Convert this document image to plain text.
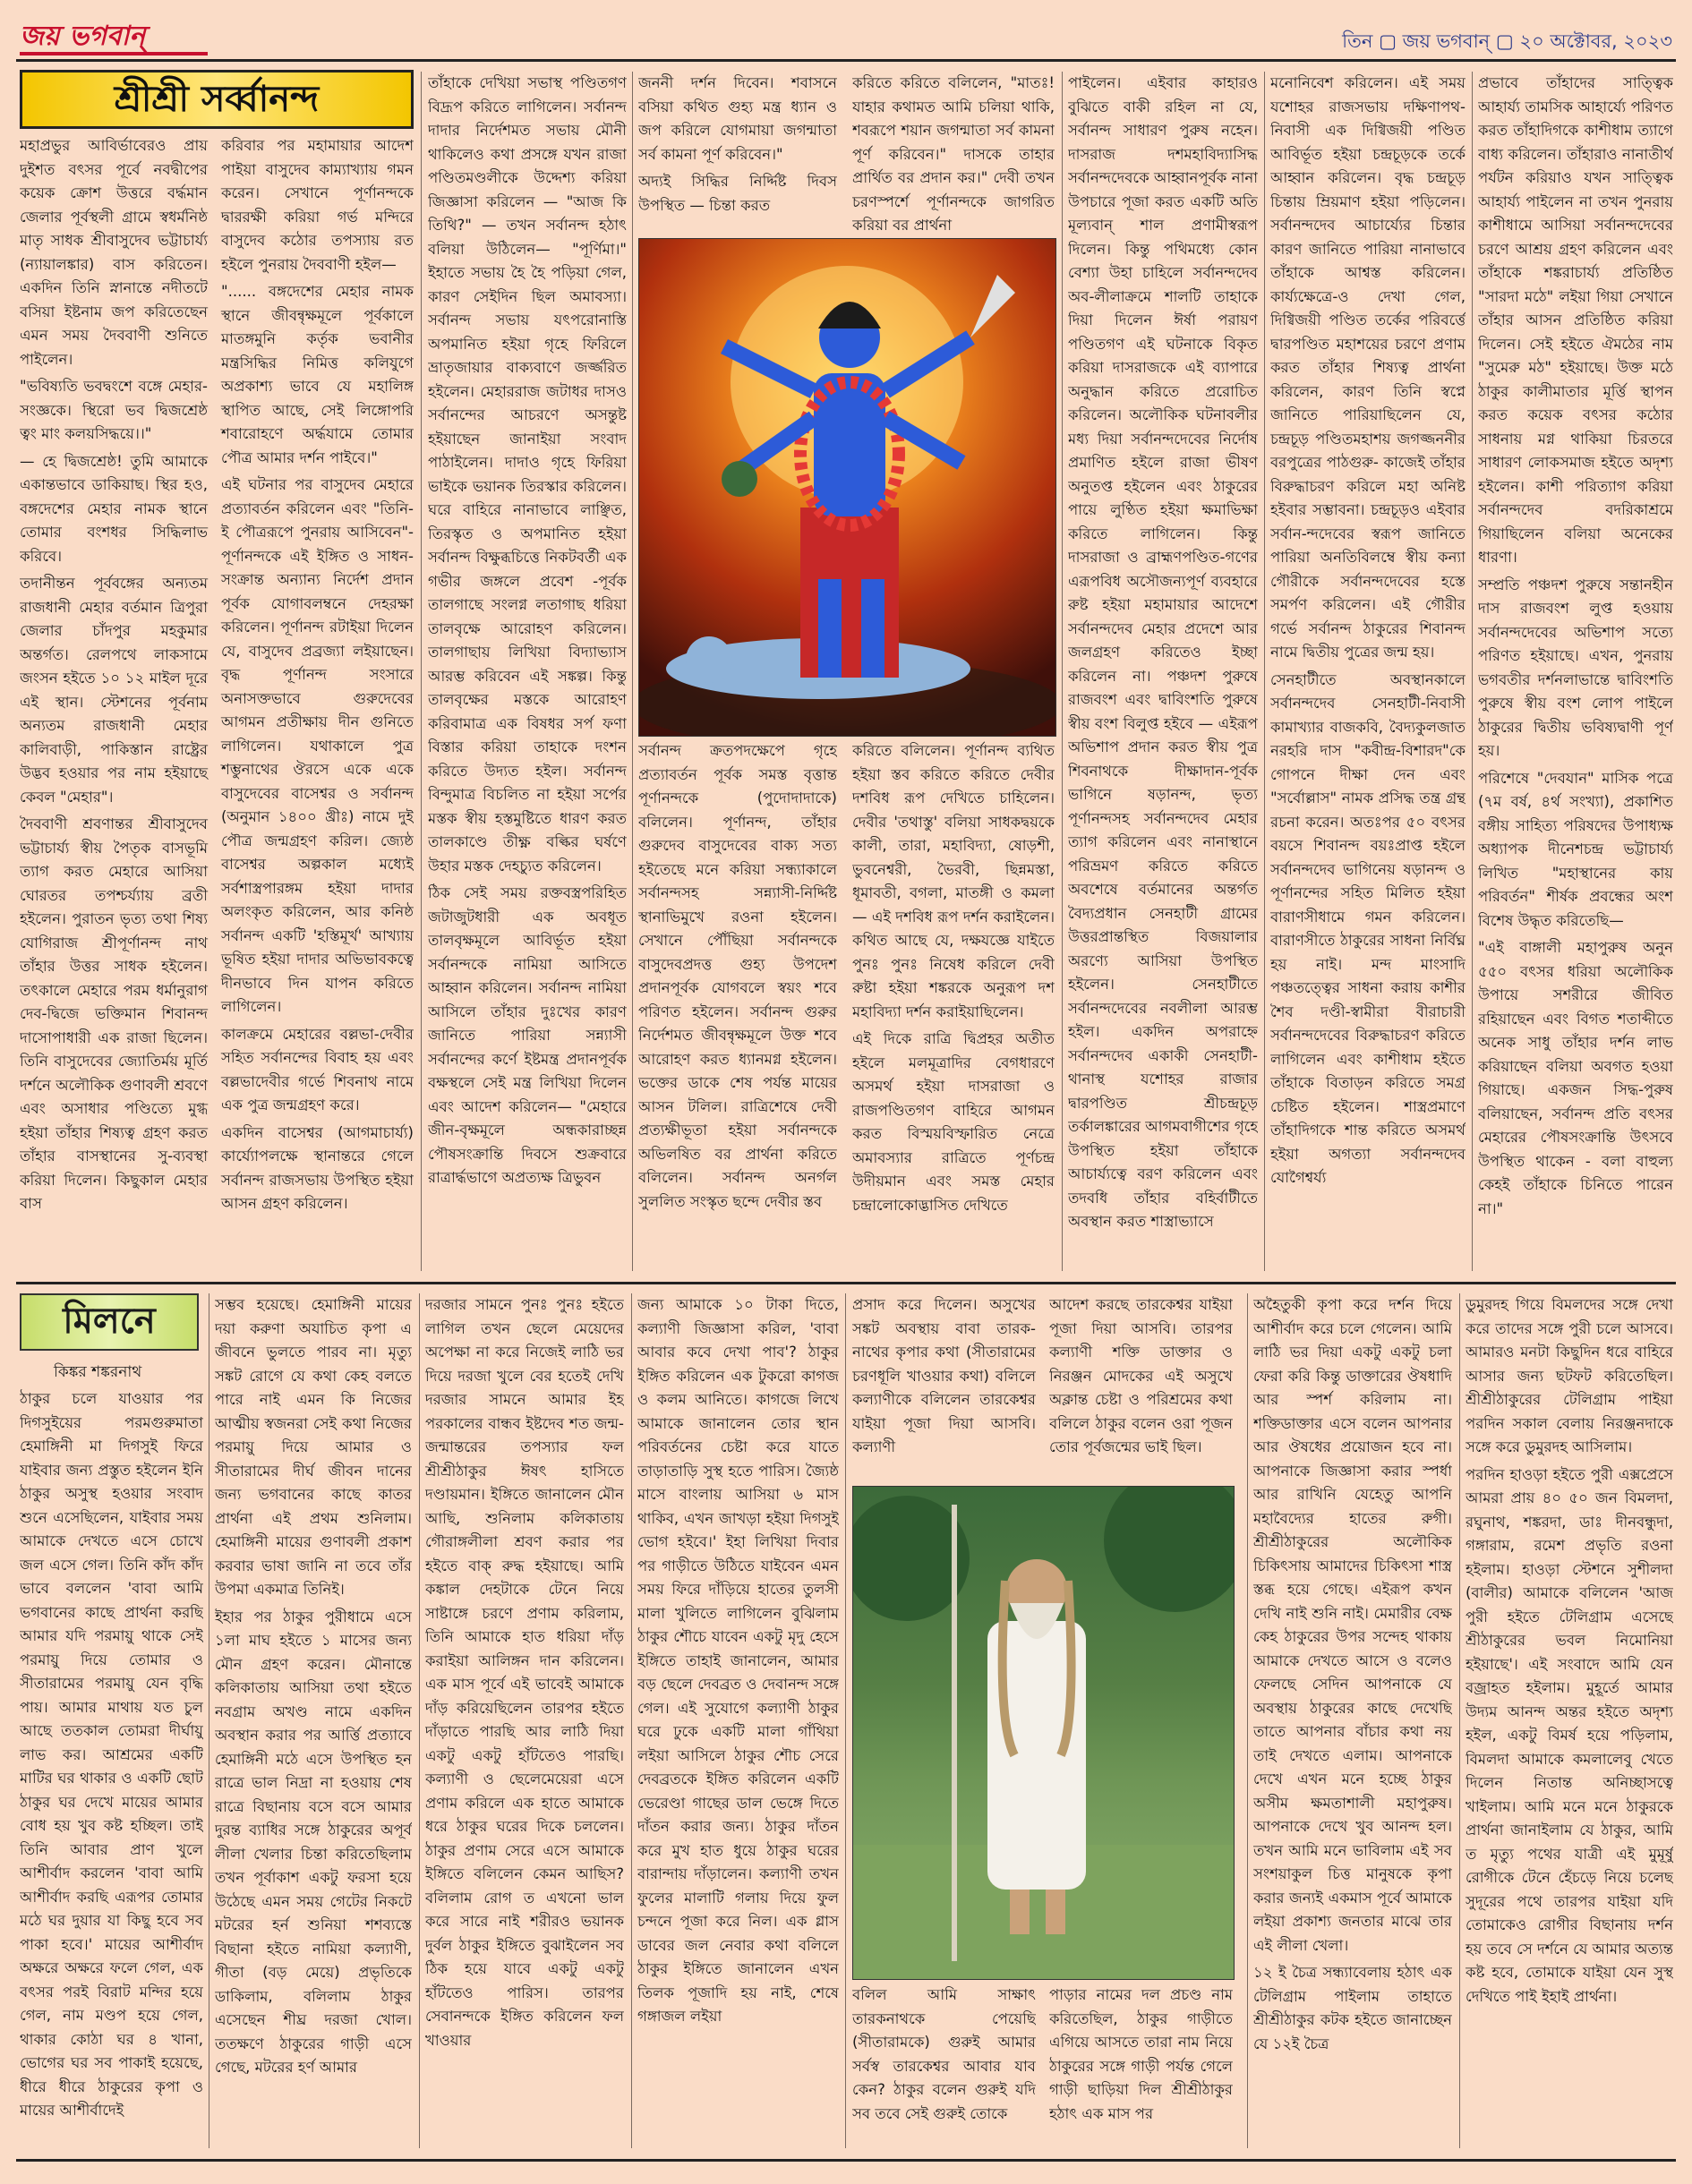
জয় ভগবান্	তিন ▢ জয় ভগবান্ ▢ ২০ অক্টোবর, ২০২৩
শ্রীশ্রী সর্ব্বানন্দ

মহাপ্রভুর আবির্ভাবেরও প্রায় দুইশত বৎসর পূর্বে নবদ্বীপের কয়েক ক্রোশ উত্তরে বর্দ্ধমান জেলার পূর্বস্থলী গ্রামে স্বধর্মনিষ্ঠ মাতৃ সাধক শ্রীবাসুদেব ভট্টাচার্য্য (ন্যায়ালঙ্কার) বাস করিতেন। একদিন তিনি স্নানান্তে নদীতটে বসিয়া ইষ্টনাম জপ করিতেছেন এমন সময় দৈববাণী শুনিতে পাইলেন।

"ভবিষ্যতি ভবদ্বংশে বঙ্গে মেহার-সংজ্ঞকে। স্থিরো ভব দ্বিজশ্রেষ্ঠ ত্বং মাং কলয়সিদ্ধয়ে।।"

— হে দ্বিজশ্রেষ্ঠ! তুমি আমাকে একান্তভাবে ডাকিয়াছ। স্থির হও, বঙ্গদেশের মেহার নামক স্থানে তোমার বংশধর সিদ্ধিলাভ করিবে।

তদানীন্তন পূর্ববঙ্গের অন্যতম রাজধানী মেহার বর্তমান ত্রিপুরা জেলার চাঁদপুর মহকুমার অন্তর্গত। রেলপথে লাকসামে জংসন হইতে ১০ ১২ মাইল দূরে এই স্থান। স্টেশনের পূর্বনাম অন্যতম রাজধানী মেহার কালিবাড়ী, পাকিস্তান রাষ্ট্রের উদ্ভব হওয়ার পর নাম হইয়াছে কেবল "মেহার"।

দৈববাণী শ্রবণান্তর শ্রীবাসুদেব ভট্টাচার্য্য স্বীয় পৈতৃক বাসভূমি ত্যাগ করত মেহারে আসিয়া ঘোরতর তপশ্চর্য্যায় ব্রতী হইলেন। পুরাতন ভৃত্য তথা শিষ্য যোগিরাজ শ্রীপূর্ণানন্দ নাথ তাঁহার উত্তর সাধক হইলেন। তৎকালে মেহারে পরম ধর্মানুরাগ দেব-দ্বিজে ভক্তিমান শিবানন্দ দাসোপাধারী এক রাজা ছিলেন। তিনি বাসুদেবের জ্যোতির্ময় মূর্তি দর্শনে অলৌকিক গুণাবলী শ্রবণে এবং অসাধার পণ্ডিত্যে মুগ্ধ হইয়া তাঁহার শিষ্যত্ব গ্রহণ করত তাঁহার বাসস্থানের সু-ব্যবস্থা করিয়া দিলেন। কিছুকাল মেহার বাস

করিবার পর মহামায়ার আদেশ পাইয়া বাসুদেব কাম্যাখ্যায় গমন করেন। সেখানে পূর্ণানন্দকে দ্বাররক্ষী করিয়া গর্ভ মন্দিরে বাসুদেব কঠোর তপস্যায় রত হইলে পুনরায় দৈববাণী হইল—

"...... বঙ্গদেশের মেহার নামক স্থানে জীবন্বৃক্ষমূলে পূর্বকালে মাতঙ্গমুনি কর্তৃক ভবানীর মন্ত্রসিদ্ধির নিমিত্ত কলিযুগে অপ্রকাশ্য ভাবে যে মহালিঙ্গ স্থাপিত আছে, সেই লিঙ্গোপরি শবারোহণে অর্দ্ধযামে তোমার পৌত্র আমার দর্শন পাইবে।"

এই ঘটনার পর বাসুদেব মেহারে প্রত্যাবর্তন করিলেন এবং "তিনি-ই পৌত্ররূপে পুনরায় আসিবেন"- পূর্ণানন্দকে এই ইঙ্গিত ও সাধন-সংক্রান্ত অন্যান্য নির্দেশ প্রদান পূর্বক যোগাবলম্বনে দেহরক্ষা করিলেন। পূর্ণানন্দ রটাইয়া দিলেন যে, বাসুদেব প্রব্রজ্যা লইয়াছেন। বৃদ্ধ পূর্ণানন্দ সংসারে অনাসক্তভাবে গুরুদেবের আগমন প্রতীক্ষায় দীন গুনিতে লাগিলেন। যথাকালে পুত্র শম্ভুনাথের ঔরসে একে একে বাসুদেবের বাসেশ্বর ও সর্বানন্দ (অনুমান ১৪০০ খ্রীঃ) নামে দুই পৌত্র জন্মগ্রহণ করিল। জ্যেষ্ঠ বাসেশ্বর অল্পকাল মধ্যেই সর্বশাস্ত্রপারঙ্গম হইয়া দাদার অলংকৃত করিলেন, আর কনিষ্ঠ সর্বানন্দ একটি 'হস্তিমূর্খ' আখ্যায় ভূষিত হইয়া দাদার অভিভাবকত্বে দীনভাবে দিন যাপন করিতে লাগিলেন।

কালক্রমে মেহারের বল্লভা-দেবীর সহিত সর্বানন্দের বিবাহ হয় এবং বল্লভাদেবীর গর্ভে শিবনাথ নামে এক পুত্র জন্মগ্রহণ করে।

একদিন বাসেশ্বর (আগমাচার্য্য) কার্য্যোপলক্ষে স্থানান্তরে গেলে সর্বানন্দ রাজসভায় উপস্থিত হইয়া আসন গ্রহণ করিলেন।

তাঁহাকে দেখিয়া সভাস্থ পণ্ডিতগণ বিদ্রূপ করিতে লাগিলেন। সর্বানন্দ দাদার নির্দেশমত সভায় মৌনী থাকিলেও কথা প্রসঙ্গে যখন রাজা পণ্ডিতমণ্ডলীকে উদ্দেশ্য করিয়া জিজ্ঞাসা করিলেন — "আজ কি তিথি?" — তখন সর্বানন্দ হঠাৎ বলিয়া উঠিলেন— "পূর্ণিমা।" ইহাতে সভায় হৈ হৈ পড়িয়া গেল, কারণ সেইদিন ছিল অমাবস্যা। সর্বানন্দ সভায় যৎপরোনাস্তি অপমানিত হইয়া গৃহে ফিরিলে ভ্রাতৃজায়ার বাক্যবাণে জর্জ্জরিত হইলেন। মেহাররাজ জটাধর দাসও সর্বানন্দের আচরণে অসন্তুষ্ট হইয়াছেন জানাইয়া সংবাদ পাঠাইলেন। দাদাও গৃহে ফিরিয়া ভাইকে ভয়ানক তিরস্কার করিলেন। ঘরে বাহিরে নানাভাবে লাঞ্ছিত, তিরস্কৃত ও অপমানিত হইয়া সর্বানন্দ বিক্ষুব্ধচিত্তে নিকটবর্তী এক গভীর জঙ্গলে প্রবেশ -পূর্বক তালগাছে সংলগ্ন লতাগাছ ধরিয়া তালবৃক্ষে আরোহণ করিলেন। তালগাছায় লিখিয়া বিদ্যাভ্যাস আরম্ভ করিবেন এই সঙ্কল্প। কিন্তু তালবৃক্ষের মস্তকে আরোহণ করিবামাত্র এক বিষধর সর্প ফণা বিস্তার করিয়া তাহাকে দংশন করিতে উদ্যত হইল। সর্বানন্দ বিন্দুমাত্র বিচলিত না হইয়া সর্পের মস্তক স্বীয় হস্তমুষ্টিতে ধারণ করত তালকাণ্ডে তীক্ষ্ণ বল্কির ঘর্ষণে উহার মস্তক দেহচ্যুত করিলেন।

ঠিক সেই সময় রক্তবস্ত্রপরিহিত জটাজুটধারী এক অবধূত তালবৃক্ষমূলে আবির্ভূত হইয়া সর্বানন্দকে নামিয়া আসিতে আহ্বান করিলেন। সর্বানন্দ নামিয়া আসিলে তাঁহার দুঃখের কারণ জানিতে পারিয়া সন্ন্যাসী সর্বানন্দের কর্ণে ইষ্টমন্ত্র প্রদানপূর্বক বক্ষস্থলে সেই মন্ত্র লিখিয়া দিলেন এবং আদেশ করিলেন— "মেহারে জীন-বৃক্ষমূলে অন্ধকারাচ্ছন্ন পৌষসংক্রান্তি দিবসে শুক্রবারে রাত্রার্দ্ধভাগে অপ্রত্যক্ষ ত্রিভুবন

জননী দর্শন দিবেন। শবাসনে বসিয়া কথিত গুহ্য মন্ত্র ধ্যান ও জপ করিলে যোগমায়া জগন্মাতা সর্ব কামনা পূর্ণ করিবেন।"

অদ্যই সিদ্ধির নির্দ্দিষ্ট দিবস উপস্থিত — চিন্তা করত

করিতে করিতে বলিলেন, "মাতঃ! যাহার কথামত আমি চলিয়া থাকি, শবরূপে শয়ান জগন্মাতা সর্ব কামনা পূর্ণ করিবেন।" দাসকে তাহার প্রার্থিত বর প্রদান কর।" দেবী তখন চরণস্পর্শে পূর্ণানন্দকে জাগরিত করিয়া বর প্রার্থনা

সর্বানন্দ ক্রতপদক্ষেপে গৃহে প্রত্যাবর্তন পূর্বক সমস্ত বৃত্তান্ত পূর্ণানন্দকে (পুদোদাদাকে) বলিলেন। পূর্ণানন্দ, তাঁহার গুরুদেব বাসুদেবের বাক্য সত্য হইতেছে মনে করিয়া সন্ধ্যাকালে সর্বানন্দসহ সন্ন্যাসী-নির্দ্দিষ্ট স্থানাভিমুখে রওনা হইলেন। সেখানে পৌঁছিয়া সর্বানন্দকে বাসুদেবপ্রদত্ত গুহ্য উপদেশ প্রদানপূর্বক যোগবলে স্বয়ং শবে পরিণত হইলেন। সর্বানন্দ গুরুর নির্দেশমত জীবন্বৃক্ষমূলে উক্ত শবে আরোহণ করত ধ্যানমগ্ন হইলেন। ভক্তের ডাকে শেষ পর্যন্ত মায়ের আসন টলিল। রাত্রিশেষে দেবী প্রত্যক্ষীভূতা হইয়া সর্বানন্দকে অভিলষিত বর প্রার্থনা করিতে বলিলেন। সর্বানন্দ অনর্গল সুললিত সংস্কৃত ছন্দে দেবীর স্তব

করিতে বলিলেন। পূর্ণানন্দ ব্যথিত হইয়া স্তব করিতে করিতে দেবীর দশবিধ রূপ দেখিতে চাহিলেন। দেবীর 'তথাস্তু' বলিয়া সাধকদ্বয়কে কালী, তারা, মহাবিদ্যা, ষোড়শী, ভুবনেশ্বরী, ভৈরবী, ছিন্নমস্তা, ধূমাবতী, বগলা, মাতঙ্গী ও কমলা — এই দশবিধ রূপ দর্শন করাইলেন। কথিত আছে যে, দক্ষযজ্ঞে যাইতে পুনঃ পুনঃ নিষেধ করিলে দেবী রুষ্টা হইয়া শঙ্করকে অনুরূপ দশ মহাবিদ্যা দর্শন করাইয়াছিলেন।

এই দিকে রাত্রি দ্বিপ্রহর অতীত হইলে মলমূত্রাদির বেগধারণে অসমর্থ হইয়া দাসরাজা ও রাজপণ্ডিতগণ বাহিরে আগমন করত বিস্ময়বিস্ফারিত নেত্রে অমাবস্যার রাত্রিতে পূর্ণচন্দ্র উদীয়মান এবং সমস্ত মেহার চন্দ্রালোকোদ্ভাসিত দেখিতে

পাইলেন। এইবার কাহারও বুঝিতে বাকী রহিল না যে, সর্বানন্দ সাধারণ পুরুষ নহেন। দাসরাজ দশমহাবিদ্যাসিদ্ধ সর্বানন্দদেবকে আহ্বানপূর্বক নানা উপচারে পূজা করত একটি অতি মূল্যবান্ শাল প্রণামীস্বরূপ দিলেন। কিন্তু পথিমধ্যে কোন বেশ্যা উহা চাহিলে সর্বানন্দদেব অব-লীলাক্রমে শালটি তাহাকে দিয়া দিলেন ঈর্ষা পরায়ণ পণ্ডিতগণ এই ঘটনাকে বিকৃত করিয়া দাসরাজকে এই ব্যাপারে অনুদ্ধান করিতে প্ররোচিত করিলেন। অলৌকিক ঘটনাবলীর মধ্য দিয়া সর্বানন্দদেবের নির্দোষ প্রমাণিত হইলে রাজা ভীষণ অনুতপ্ত হইলেন এবং ঠাকুরের পায়ে লুণ্ঠিত হইয়া ক্ষমাভিক্ষা করিতে লাগিলেন। কিন্তু দাসরাজা ও ব্রাহ্মণপণ্ডিত-গণের এরূপবিধ অসৌজন্যপূর্ণ ব্যবহারে রুষ্ট হইয়া মহামায়ার আদেশে সর্বানন্দদেব মেহার প্রদেশে আর জলগ্রহণ করিতেও ইচ্ছা করিলেন না। পঞ্চদশ পুরুষে রাজবংশ এবং দ্বাবিংশতি পুরুষে স্বীয় বংশ বিলুপ্ত হইবে — এইরূপ অভিশাপ প্রদান করত স্বীয় পুত্র শিবনাথকে দীক্ষাদান-পূর্বক ভাগিনে ষড়ানন্দ, ভৃত্য পূর্ণানন্দসহ সর্বানন্দদেব মেহার ত্যাগ করিলেন এবং নানাস্থানে পরিভ্রমণ করিতে করিতে অবশেষে বর্তমানের অন্তর্গত বৈদ্যপ্রধান সেনহাটী গ্রামের উত্তরপ্রান্তস্থিত বিজয়ালার অরণ্যে আসিয়া উপস্থিত হইলেন। সেনহাটীতে সর্বানন্দদেবের নবলীলা আরম্ভ হইল। একদিন অপরাহ্নে সর্বানন্দদেব একাকী সেনহাটী-থানাস্থ যশোহর রাজার দ্বারপণ্ডিত শ্রীচন্দ্রচূড় তর্কালঙ্কারের আগমবাগীশের গৃহে উপস্থিত হইয়া তাঁহাকে আচার্য্যত্বে বরণ করিলেন এবং তদবধি তাঁহার বহির্বাটীতে অবস্থান করত শাস্ত্রাভ্যাসে

মনোনিবেশ করিলেন। এই সময় যশোহর রাজসভায় দক্ষিণাপথ-নিবাসী এক দিগ্বিজয়ী পণ্ডিত আবির্ভূত হইয়া চন্দ্রচূড়কে তর্কে আহ্বান করিলেন। বৃদ্ধ চন্দ্রচূড় চিন্তায় ম্রিয়মাণ হইয়া পড়িলেন। সর্বানন্দদেব আচার্য্যের চিন্তার কারণ জানিতে পারিয়া নানাভাবে তাঁহাকে আশ্বস্ত করিলেন। কার্য্যক্ষেত্রে-ও দেখা গেল, দিগ্বিজয়ী পণ্ডিত তর্কের পরিবর্ত্তে দ্বারপণ্ডিত মহাশয়ের চরণে প্রণাম করত তাঁহার শিষ্যত্ব প্রার্থনা করিলেন, কারণ তিনি স্বপ্নে জানিতে পারিয়াছিলেন যে, চন্দ্রচূড় পণ্ডিতমহাশয় জগজ্জননীর বরপুত্রের পাঠগুরু- কাজেই তাঁহার বিরুদ্ধাচরণ করিলে মহা অনিষ্ট হইবার সম্ভাবনা। চন্দ্রচূড়ও এইবার সর্বান-ন্দদেবের স্বরূপ জানিতে পারিয়া অনতিবিলম্বে স্বীয় কন্যা গৌরীকে সর্বানন্দদেবের হস্তে সমর্পণ করিলেন। এই গৌরীর গর্ভে সর্বানন্দ ঠাকুরের শিবানন্দ নামে দ্বিতীয় পুত্রের জন্ম হয়।

সেনহাটীতে অবস্থানকালে সর্বানন্দদেব সেনহাটী-নিবাসী কামাখ্যার বাজকবি, বৈদ্যকুলজাত নরহরি দাস "কবীন্দ্র-বিশারদ"কে গোপনে দীক্ষা দেন এবং "সর্বোল্লাস" নামক প্রসিদ্ধ তন্ত্র গ্রন্থ রচনা করেন। অতঃপর ৫০ বৎসর বয়সে শিবানন্দ বয়ঃপ্রাপ্ত হইলে সর্বানন্দদেব ভাগিনেয় ষড়ানন্দ ও পূর্ণানন্দের সহিত মিলিত হইয়া বারাণসীধামে গমন করিলেন। বারাণসীতে ঠাকুরের সাধনা নির্বিঘ্ন হয় নাই। মন্দ মাংসাদি পঞ্চতত্ত্বের সাধনা করায় কাশীর শৈব দণ্ডী-স্বামীরা বীরাচারী সর্বানন্দদেবের বিরুদ্ধাচরণ করিতে লাগিলেন এবং কাশীধাম হইতে তাঁহাকে বিতাড়ন করিতে সমগ্র চেষ্টিত হইলেন। শাস্ত্রপ্রমাণে তাঁহাদিগকে শান্ত করিতে অসমর্থ হইয়া অগত্যা সর্বানন্দদেব যোগৈশ্বর্য্য

প্রভাবে তাঁহাদের সাত্ত্বিক আহার্য্য তামসিক আহার্য্যে পরিণত করত তাঁহাদিগকে কাশীধাম ত্যাগে বাধ্য করিলেন। তাঁহারাও নানাতীর্থ পর্যটন করিয়াও যখন সাত্ত্বিক আহার্য্য পাইলেন না তখন পুনরায় কাশীধামে আসিয়া সর্বানন্দদেবের চরণে আশ্রয় গ্রহণ করিলেন এবং তাঁহাকে শঙ্করাচার্য্য প্রতিষ্ঠিত "সারদা মঠে" লইয়া গিয়া সেখানে তাঁহার আসন প্রতিষ্ঠিত করিয়া দিলেন। সেই হইতে ঐমঠের নাম "সুমেরু মঠ" হইয়াছে। উক্ত মঠে ঠাকুর কালীমাতার মূর্ত্তি স্থাপন করত কয়েক বৎসর কঠোর সাধনায় মগ্ন থাকিয়া চিরতরে সাধারণ লোকসমাজ হইতে অদৃশ্য হইলেন। কাশী পরিত্যাগ করিয়া সর্বানন্দদেব বদরিকাশ্রমে গিয়াছিলেন বলিয়া অনেকের ধারণা।

সম্প্রতি পঞ্চদশ পুরুষে সন্তানহীন দাস রাজবংশ লুপ্ত হওয়ায় সর্বানন্দদেবের অভিশাপ সত্যে পরিণত হইয়াছে। এখন, পুনরায় ভগবতীর দর্শনলাভান্তে দ্বাবিংশতি পুরুষে স্বীয় বংশ লোপ পাইলে ঠাকুরের দ্বিতীয় ভবিষ্যদ্বাণী পূর্ণ হয়।

পরিশেষে "দেবযান" মাসিক পত্রে (৭ম বর্ষ, ৪র্থ সংখ্যা), প্রকাশিত বঙ্গীয় সাহিত্য পরিষদের উপাধ্যক্ষ অধ্যাপক দীনেশচন্দ্র ভট্টাচার্য্য লিখিত "মহাস্থানের কায় পরিবর্তন" শীর্ষক প্রবন্ধের অংশ বিশেষ উদ্ধৃত করিতেছি—

"এই বাঙ্গালী মহাপুরুষ অনুন ৫৫০ বৎসর ধরিয়া অলৌকিক উপায়ে সশরীরে জীবিত রহিয়াছেন এবং বিগত শতাব্দীতে অনেক সাধু তাঁহার দর্শন লাভ করিয়াছেন বলিয়া অবগত হওয়া গিয়াছে। একজন সিদ্ধ-পুরুষ বলিয়াছেন, সর্বানন্দ প্রতি বৎসর মেহারের পৌষসংক্রান্তি উৎসবে উপস্থিত থাকেন - বলা বাহুল্য কেহই তাঁহাকে চিনিতে পারেন না।"

মিলনে
কিঙ্কর শঙ্করনাথ

ঠাকুর চলে যাওয়ার পর দিগসুইয়ের পরমগুরুমাতা হেমাঙ্গিনী মা দিগসুই ফিরে যাইবার জন্য প্রস্তুত হইলেন ইনি ঠাকুর অসুস্থ হওয়ার সংবাদ শুনে এসেছিলেন, যাইবার সময় আমাকে দেখতে এসে চোখে জল এসে গেল। তিনি কাঁদ কাঁদ ভাবে বললেন 'বাবা আমি ভগবানের কাছে প্রার্থনা করছি আমার যদি পরমায়ু থাকে সেই পরমায়ু দিয়ে তোমার ও সীতারামের পরমায়ু যেন বৃদ্ধি পায়। আমার মাথায় যত চুল আছে ততকাল তোমরা দীর্ঘায়ু লাভ কর। আশ্রমের একটি মাটির ঘর থাকার ও একটি ছোট ঠাকুর ঘর দেখে মায়ের আমার বোধ হয় খুব কষ্ট হচ্ছিল। তাই তিনি আবার প্রাণ খুলে আশীর্বাদ করলেন 'বাবা আমি আশীর্বাদ করছি এরূপর তোমার মঠে ঘর দুয়ার যা কিছু হবে সব পাকা হবে।' মায়ের আশীর্বাদ অক্ষরে অক্ষরে ফলে গেল, এক বৎসর পরই বিরাট মন্দির হয়ে গেল, নাম মণ্ডপ হয়ে গেল, থাকার কোঠা ঘর ৪ খানা, ভোগের ঘর সব পাকাই হয়েছে, ধীরে ধীরে ঠাকুরের কৃপা ও মায়ের আশীর্বাদেই

সম্ভব হয়েছে। হেমাঙ্গিনী মায়ের দয়া করুণা অযাচিত কৃপা এ জীবনে ভুলতে পারব না। মৃত্যু সঙ্কট রোগে যে কথা কেহ বলতে পারে নাই এমন কি নিজের আত্মীয় স্বজনরা সেই কথা নিজের পরমায়ু দিয়ে আমার ও সীতারামের দীর্ঘ জীবন দানের জন্য ভগবানের কাছে কাতর প্রার্থনা এই প্রথম শুনিলাম। হেমাঙ্গিনী মায়ের গুণাবলী প্রকাশ করবার ভাষা জানি না তবে তাঁর উপমা একমাত্র তিনিই।

ইহার পর ঠাকুর পুরীধামে এসে ১লা মাঘ হইতে ১ মাসের জন্য মৌন গ্রহণ করেন। মৌনান্তে কলিকাতায় আসিয়া তথা হইতে নবগ্রাম অখণ্ড নামে একদিন অবস্থান করার পর আর্ত্তি প্রত্যাবে হেমাঙ্গিনী মঠে এসে উপস্থিত হন রাত্রে ভাল নিদ্রা না হওয়ায় শেষ রাত্রে বিছানায় বসে বসে আমার দুরন্ত ব্যাধির সঙ্গে ঠাকুরের অপূর্ব লীলা খেলার চিন্তা করিতেছিলাম তখন পূর্বাকাশ একটু ফরসা হয়ে উঠেছে এমন সময় গেটের নিকটে মটরের হর্ন শুনিয়া শশব্যস্তে বিছানা হইতে নামিয়া কল্যাণী, গীতা (বড় মেয়ে) প্রভৃতিকে ডাকিলাম, বলিলাম ঠাকুর এসেছেন শীঘ্র দরজা খোল। ততক্ষণে ঠাকুরের গাড়ী এসে গেছে, মটরের হর্ণ আমার

দরজার সামনে পুনঃ পুনঃ হইতে লাগিল তখন ছেলে মেয়েদের অপেক্ষা না করে নিজেই লাঠি ভর দিয়ে দরজা খুলে বের হতেই দেখি দরজার সামনে আমার ইহ পরকালের বান্ধব ইষ্টদেব শত জন্ম-জন্মান্তরের তপস্যার ফল শ্রীশ্রীঠাকুর ঈষৎ হাসিতে দণ্ডায়মান। ইঙ্গিতে জানালেন মৌন আছি, শুনিলাম কলিকাতায় গৌরাঙ্গলীলা শ্রবণ করার পর হইতে বাক্ রুদ্ধ হইয়াছে। আমি কঙ্কাল দেহটাকে টেনে নিয়ে সাষ্টাঙ্গে চরণে প্রণাম করিলাম, তিনি আমাকে হাত ধরিয়া দাঁড় করাইয়া আলিঙ্গন দান করিলেন। এক মাস পূর্বে এই ভাবেই আমাকে দাঁড় করিয়েছিলেন তারপর হইতে দাঁড়াতে পারছি আর লাঠি দিয়া একটু একটু হাঁটতেও পারছি। কল্যাণী ও ছেলেমেয়েরা এসে প্রণাম করিলে এক হাতে আমাকে ধরে ঠাকুর ঘরের দিকে চললেন। ঠাকুর প্রণাম সেরে এসে আমাকে ইঙ্গিতে বলিলেন কেমন আছিস? বলিলাম রোগ ত এখনো ভাল করে সারে নাই শরীরও ভয়ানক দুর্বল ঠাকুর ইঙ্গিতে বুঝাইলেন সব ঠিক হয়ে যাবে একটু একটু হাঁটতেও পারিস। তারপর সেবানন্দকে ইঙ্গিত করিলেন ফল খাওয়ার

জন্য আমাকে ১০ টাকা দিতে, কল্যাণী জিজ্ঞাসা করিল, 'বাবা আবার কবে দেখা পাব'? ঠাকুর ইঙ্গিত করিলেন এক টুকরো কাগজ ও কলম আনিতে। কাগজে লিখে আমাকে জানালেন তোর স্থান পরিবর্তনের চেষ্টা করে যাতে তাড়াতাড়ি সুস্থ হতে পারিস। জ্যৈষ্ঠ মাসে বাংলায় আসিয়া ৬ মাস থাকিব, এখন জাখড়া হইয়া দিগসুই ভোগ হইবে।' ইহা লিখিয়া দিবার পর গাড়ীতে উঠিতে যাইবেন এমন সময় ফিরে দাঁড়িয়ে হাতের তুলসী মালা খুলিতে লাগিলেন বুঝিলাম ঠাকুর শৌচে যাবেন একটু মৃদু হেসে ইঙ্গিতে তাহাই জানালেন, আমার বড় ছেলে দেবব্রত ও দেবানন্দ সঙ্গে গেল। এই সুযোগে কল্যাণী ঠাকুর ঘরে ঢুকে একটি মালা গাঁথিয়া লইয়া আসিলে ঠাকুর শৌচ সেরে দেবব্রতকে ইঙ্গিত করিলেন একটি ভেরেণ্ডা গাছের ডাল ভেঙ্গে দিতে দাঁতন করার জন্য। ঠাকুর দাঁতন করে মুখ হাত ধুয়ে ঠাকুর ঘরের বারান্দায় দাঁড়ালেন। কল্যাণী তখন ফুলের মালাটি গলায় দিয়ে ফুল চন্দনে পূজা করে নিল। এক গ্লাস ডাবের জল নেবার কথা বলিলে ঠাকুর ইঙ্গিতে জানালেন এখন তিলক পূজাদি হয় নাই, শেষে গঙ্গাজল লইয়া

প্রসাদ করে দিলেন। অসুখের সঙ্কট অবস্থায় বাবা তারক-নাথের কৃপার কথা (সীতারামের চরণধূলি খাওয়ার কথা) বলিলে কল্যাণীকে বলিলেন তারকেশ্বর যাইয়া পূজা দিয়া আসবি। কল্যাণী

আদেশ করছে তারকেশ্বর যাইয়া পূজা দিয়া আসবি। তারপর কল্যাণী শক্তি ডাক্তার ও নিরঞ্জন মোদকের এই অসুখে অক্লান্ত চেষ্টা ও পরিশ্রমের কথা বলিলে ঠাকুর বলেন ওরা পূজন তোর পূর্বজন্মের ভাই ছিল।

বলিল আমি সাক্ষাৎ তারকনাথকে পেয়েছি (সীতারামকে) গুরুই আমার সর্বস্ব তারকেশ্বর আবার যাব কেন? ঠাকুর বলেন গুরুই যদি সব তবে সেই গুরুই তোকে

পাড়ার নামের দল প্রচণ্ড নাম করিতেছিল, ঠাকুর গাড়ীতে এগিয়ে আসতে তারা নাম নিয়ে ঠাকুরের সঙ্গে গাড়ী পর্যন্ত গেলে গাড়ী ছাড়িয়া দিল শ্রীশ্রীঠাকুর হঠাৎ এক মাস পর

অহৈতুকী কৃপা করে দর্শন দিয়ে আশীর্বাদ করে চলে গেলেন। আমি লাঠি ভর দিয়া একটু একটু চলা ফেরা করি কিন্তু ডাক্তারের ঔষধাদি আর স্পর্শ করিলাম না। শক্তিডাক্তার এসে বলেন আপনার আর ঔষধের প্রয়োজন হবে না। আপনাকে জিজ্ঞাসা করার স্পর্ধা আর রাখিনি যেহেতু আপনি মহাবৈদ্যের হাতের রুগী। শ্রীশ্রীঠাকুরের অলৌকিক চিকিৎসায় আমাদের চিকিৎসা শাস্ত্র স্তব্ধ হয়ে গেছে। এইরূপ কখন দেখি নাই শুনি নাই। মেমারীর বেক্ষ কেহ ঠাকুরের উপর সন্দেহ থাকায় আমাকে দেখতে আসে ও বলেও ফেলছে সেদিন আপনাকে যে অবস্থায় ঠাকুরের কাছে দেখেছি তাতে আপনার বাঁচার কথা নয় তাই দেখতে এলাম। আপনাকে দেখে এখন মনে হচ্ছে ঠাকুর অসীম ক্ষমতাশালী মহাপুরুষ। আপনাকে দেখে খুব আনন্দ হল। তখন আমি মনে ভাবিলাম এই সব সংশয়াকুল চিত্ত মানুষকে কৃপা করার জন্যই একমাস পূর্বে আমাকে লইয়া প্রকাশ্য জনতার মাঝে তার এই লীলা খেলা।

১২ ই চৈত্র সন্ধ্যাবেলায় হঠাৎ এক টেলিগ্রাম পাইলাম তাহাতে শ্রীশ্রীঠাকুর কটক হইতে জানাচ্ছেন যে ১২ই চৈত্র

ডুমুরদহ গিয়ে বিমলদের সঙ্গে দেখা করে তাদের সঙ্গে পুরী চলে আসবে। আমারও মনটা কিছুদিন ধরে বাহিরে আসার জন্য ছটফট করিতেছিল। শ্রীশ্রীঠাকুরের টেলিগ্রাম পাইয়া পরদিন সকাল বেলায় নিরঞ্জনদাকে সঙ্গে করে ডুমুরদহ আসিলাম।

পরদিন হাওড়া হইতে পুরী এক্সপ্রেসে আমরা প্রায় ৪০ ৫০ জন বিমলদা, রঘুনাথ, শঙ্করদা, ডাঃ দীনবন্ধুদা, গঙ্গারাম, রমেশ প্রভৃতি রওনা হইলাম। হাওড়া স্টেশনে সুশীলদা (বালীর) আমাকে বলিলেন 'আজ পুরী হইতে টেলিগ্রাম এসেছে শ্রীঠাকুরের ভবল নিমোনিয়া হইয়াছে'। এই সংবাদে আমি যেন বজ্রাহত হইলাম। মুহূর্তে আমার উদ্যম আনন্দ অন্তর হইতে অদৃশ্য হইল, একটু বিমর্ষ হয়ে পড়িলাম, বিমলদা আমাকে কমলালেবু খেতে দিলেন নিতান্ত অনিচ্ছাসত্বে খাইলাম। আমি মনে মনে ঠাকুরকে প্রার্থনা জানাইলাম যে ঠাকুর, আমি ত মৃত্যু পথের যাত্রী এই মুমূর্ষু রোগীকে টেনে হেঁচড়ে নিয়ে চলেছ সুদূরের পথে তারপর যাইয়া যদি তোমাকেও রোগীর বিছানায় দর্শন হয় তবে সে দর্শনে যে আমার অত্যন্ত কষ্ট হবে, তোমাকে যাইয়া যেন সুস্থ দেখিতে পাই ইহাই প্রার্থনা।
